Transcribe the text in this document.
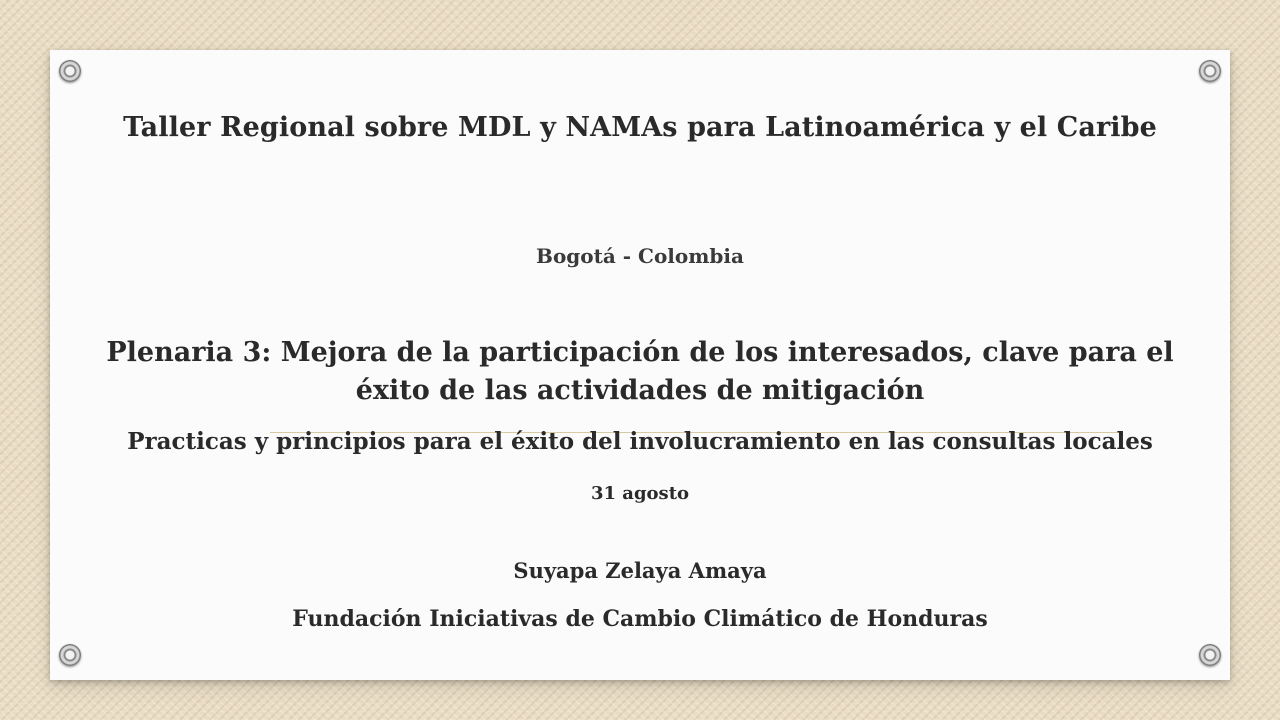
Taller Regional sobre MDL y NAMAs para Latinoamérica y el Caribe
Bogotá - Colombia
Plenaria 3: Mejora de la participación de los interesados, clave para el éxito de las actividades de mitigación
Practicas y principios para el éxito del involucramiento en las consultas locales
31 agosto
Suyapa Zelaya Amaya
Fundación Iniciativas de Cambio Climático de Honduras
